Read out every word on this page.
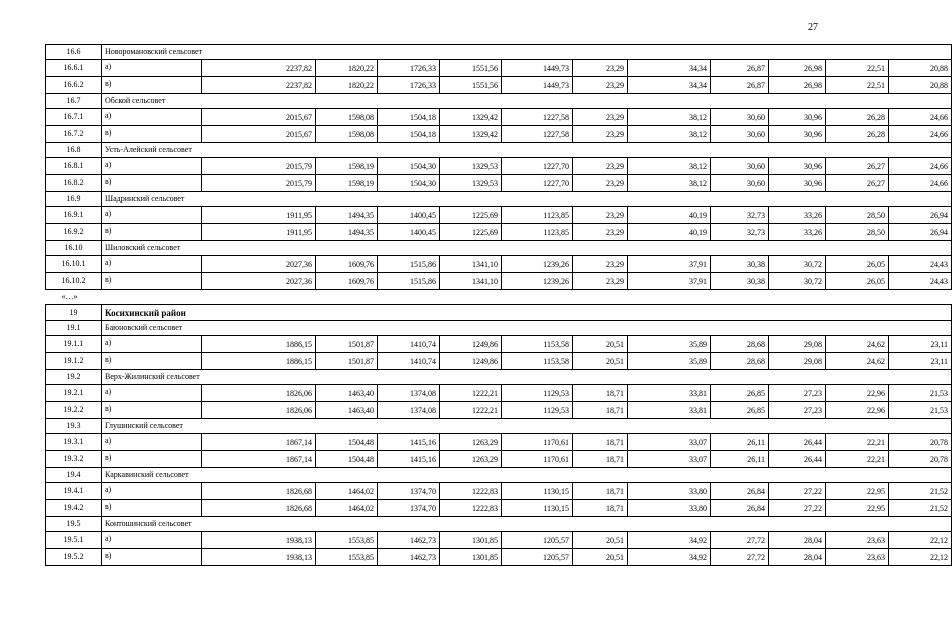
27
16.6	Новоромановский сельсовет											
16.6.1	а)	2237,82	1820,22	1726,33	1551,56	1449,73	23,29	34,34	26,87	26,98	22,51	20,88
16.6.2	в)	2237,82	1820,22	1726,33	1551,56	1449,73	23,29	34,34	26,87	26,98	22,51	20,88
16.7	Обской сельсовет											
16.7.1	а)	2015,67	1598,08	1504,18	1329,42	1227,58	23,29	38,12	30,60	30,96	26,28	24,66
16.7.2	в)	2015,67	1598,08	1504,18	1329,42	1227,58	23,29	38,12	30,60	30,96	26,28	24,66
16.8	Усть-Алейский сельсовет											
16.8.1	а)	2015,79	1598,19	1504,30	1329,53	1227,70	23,29	38,12	30,60	30,96	26,27	24,66
16.8.2	в)	2015,79	1598,19	1504,30	1329,53	1227,70	23,29	38,12	30,60	30,96	26,27	24,66
16.9	Шадринский сельсовет											
16.9.1	а)	1911,95	1494,35	1400,45	1225,69	1123,85	23,29	40,19	32,73	33,26	28,50	26,94
16.9.2	в)	1911,95	1494,35	1400,45	1225,69	1123,85	23,29	40,19	32,73	33,26	28,50	26,94
16.10	Шиловский сельсовет											
16.10.1	а)	2027,36	1609,76	1515,86	1341,10	1239,26	23,29	37,91	30,38	30,72	26,05	24,43
16.10.2	в)	2027,36	1609,76	1515,86	1341,10	1239,26	23,29	37,91	30,38	30,72	26,05	24,43
«…»												
19	Косихинский район											
19.1	Баюновский сельсовет											
19.1.1	а)	1886,15	1501,87	1410,74	1249,86	1153,58	20,51	35,89	28,68	29,08	24,62	23,11
19.1.2	в)	1886,15	1501,87	1410,74	1249,86	1153,58	20,51	35,89	28,68	29,08	24,62	23,11
19.2	Верх-Жилинский сельсовет											
19.2.1	а)	1826,06	1463,40	1374,08	1222,21	1129,53	18,71	33,81	26,85	27,23	22,96	21,53
19.2.2	в)	1826,06	1463,40	1374,08	1222,21	1129,53	18,71	33,81	26,85	27,23	22,96	21,53
19.3	Глушинский сельсовет											
19.3.1	а)	1867,14	1504,48	1415,16	1263,29	1170,61	18,71	33,07	26,11	26,44	22,21	20,78
19.3.2	в)	1867,14	1504,48	1415,16	1263,29	1170,61	18,71	33,07	26,11	26,44	22,21	20,78
19.4	Каркавинский сельсовет											
19.4.1	а)	1826,68	1464,02	1374,70	1222,83	1130,15	18,71	33,80	26,84	27,22	22,95	21,52
19.4.2	в)	1826,68	1464,02	1374,70	1222,83	1130,15	18,71	33,80	26,84	27,22	22,95	21,52
19.5	Контошинский сельсовет											
19.5.1	а)	1938,13	1553,85	1462,73	1301,85	1205,57	20,51	34,92	27,72	28,04	23,63	22,12
19.5.2	в)	1938,13	1553,85	1462,73	1301,85	1205,57	20,51	34,92	27,72	28,04	23,63	22,12
